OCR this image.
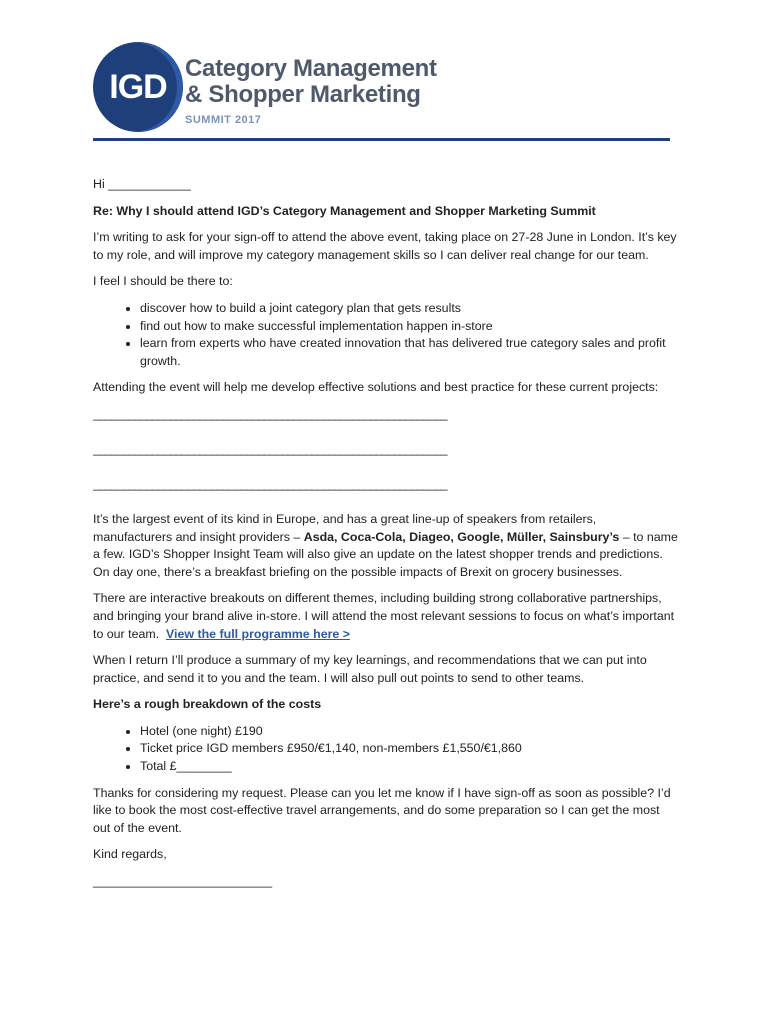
IGD Category Management
& Shopper Marketing
SUMMIT 2017

Hi ____________

Re: Why I should attend IGD’s Category Management and Shopper Marketing Summit

I’m writing to ask for your sign-off to attend the above event, taking place on 27-28 June in London. It’s key to my role, and will improve my category management skills so I can deliver real change for our team.

I feel I should be there to:

• discover how to build a joint category plan that gets results
• find out how to make successful implementation happen in-store
• learn from experts who have created innovation that has delivered true category sales and profit growth.

Attending the event will help me develop effective solutions and best practice for these current projects:

____________________________________________________________
____________________________________________________________
____________________________________________________________

It’s the largest event of its kind in Europe, and has a great line-up of speakers from retailers, manufacturers and insight providers – Asda, Coca-Cola, Diageo, Google, Müller, Sainsbury’s – to name a few. IGD’s Shopper Insight Team will also give an update on the latest shopper trends and predictions. On day one, there’s a breakfast briefing on the possible impacts of Brexit on grocery businesses.

There are interactive breakouts on different themes, including building strong collaborative partnerships, and bringing your brand alive in-store. I will attend the most relevant sessions to focus on what’s important to our team. View the full programme here >

When I return I’ll produce a summary of my key learnings, and recommendations that we can put into practice, and send it to you and the team. I will also pull out points to send to other teams.

Here’s a rough breakdown of the costs

• Hotel (one night) £190
• Ticket price IGD members £950/€1,140, non-members £1,550/€1,860
• Total £________

Thanks for considering my request. Please can you let me know if I have sign-off as soon as possible? I’d like to book the most cost-effective travel arrangements, and do some preparation so I can get the most out of the event.

Kind regards,

__________________________
